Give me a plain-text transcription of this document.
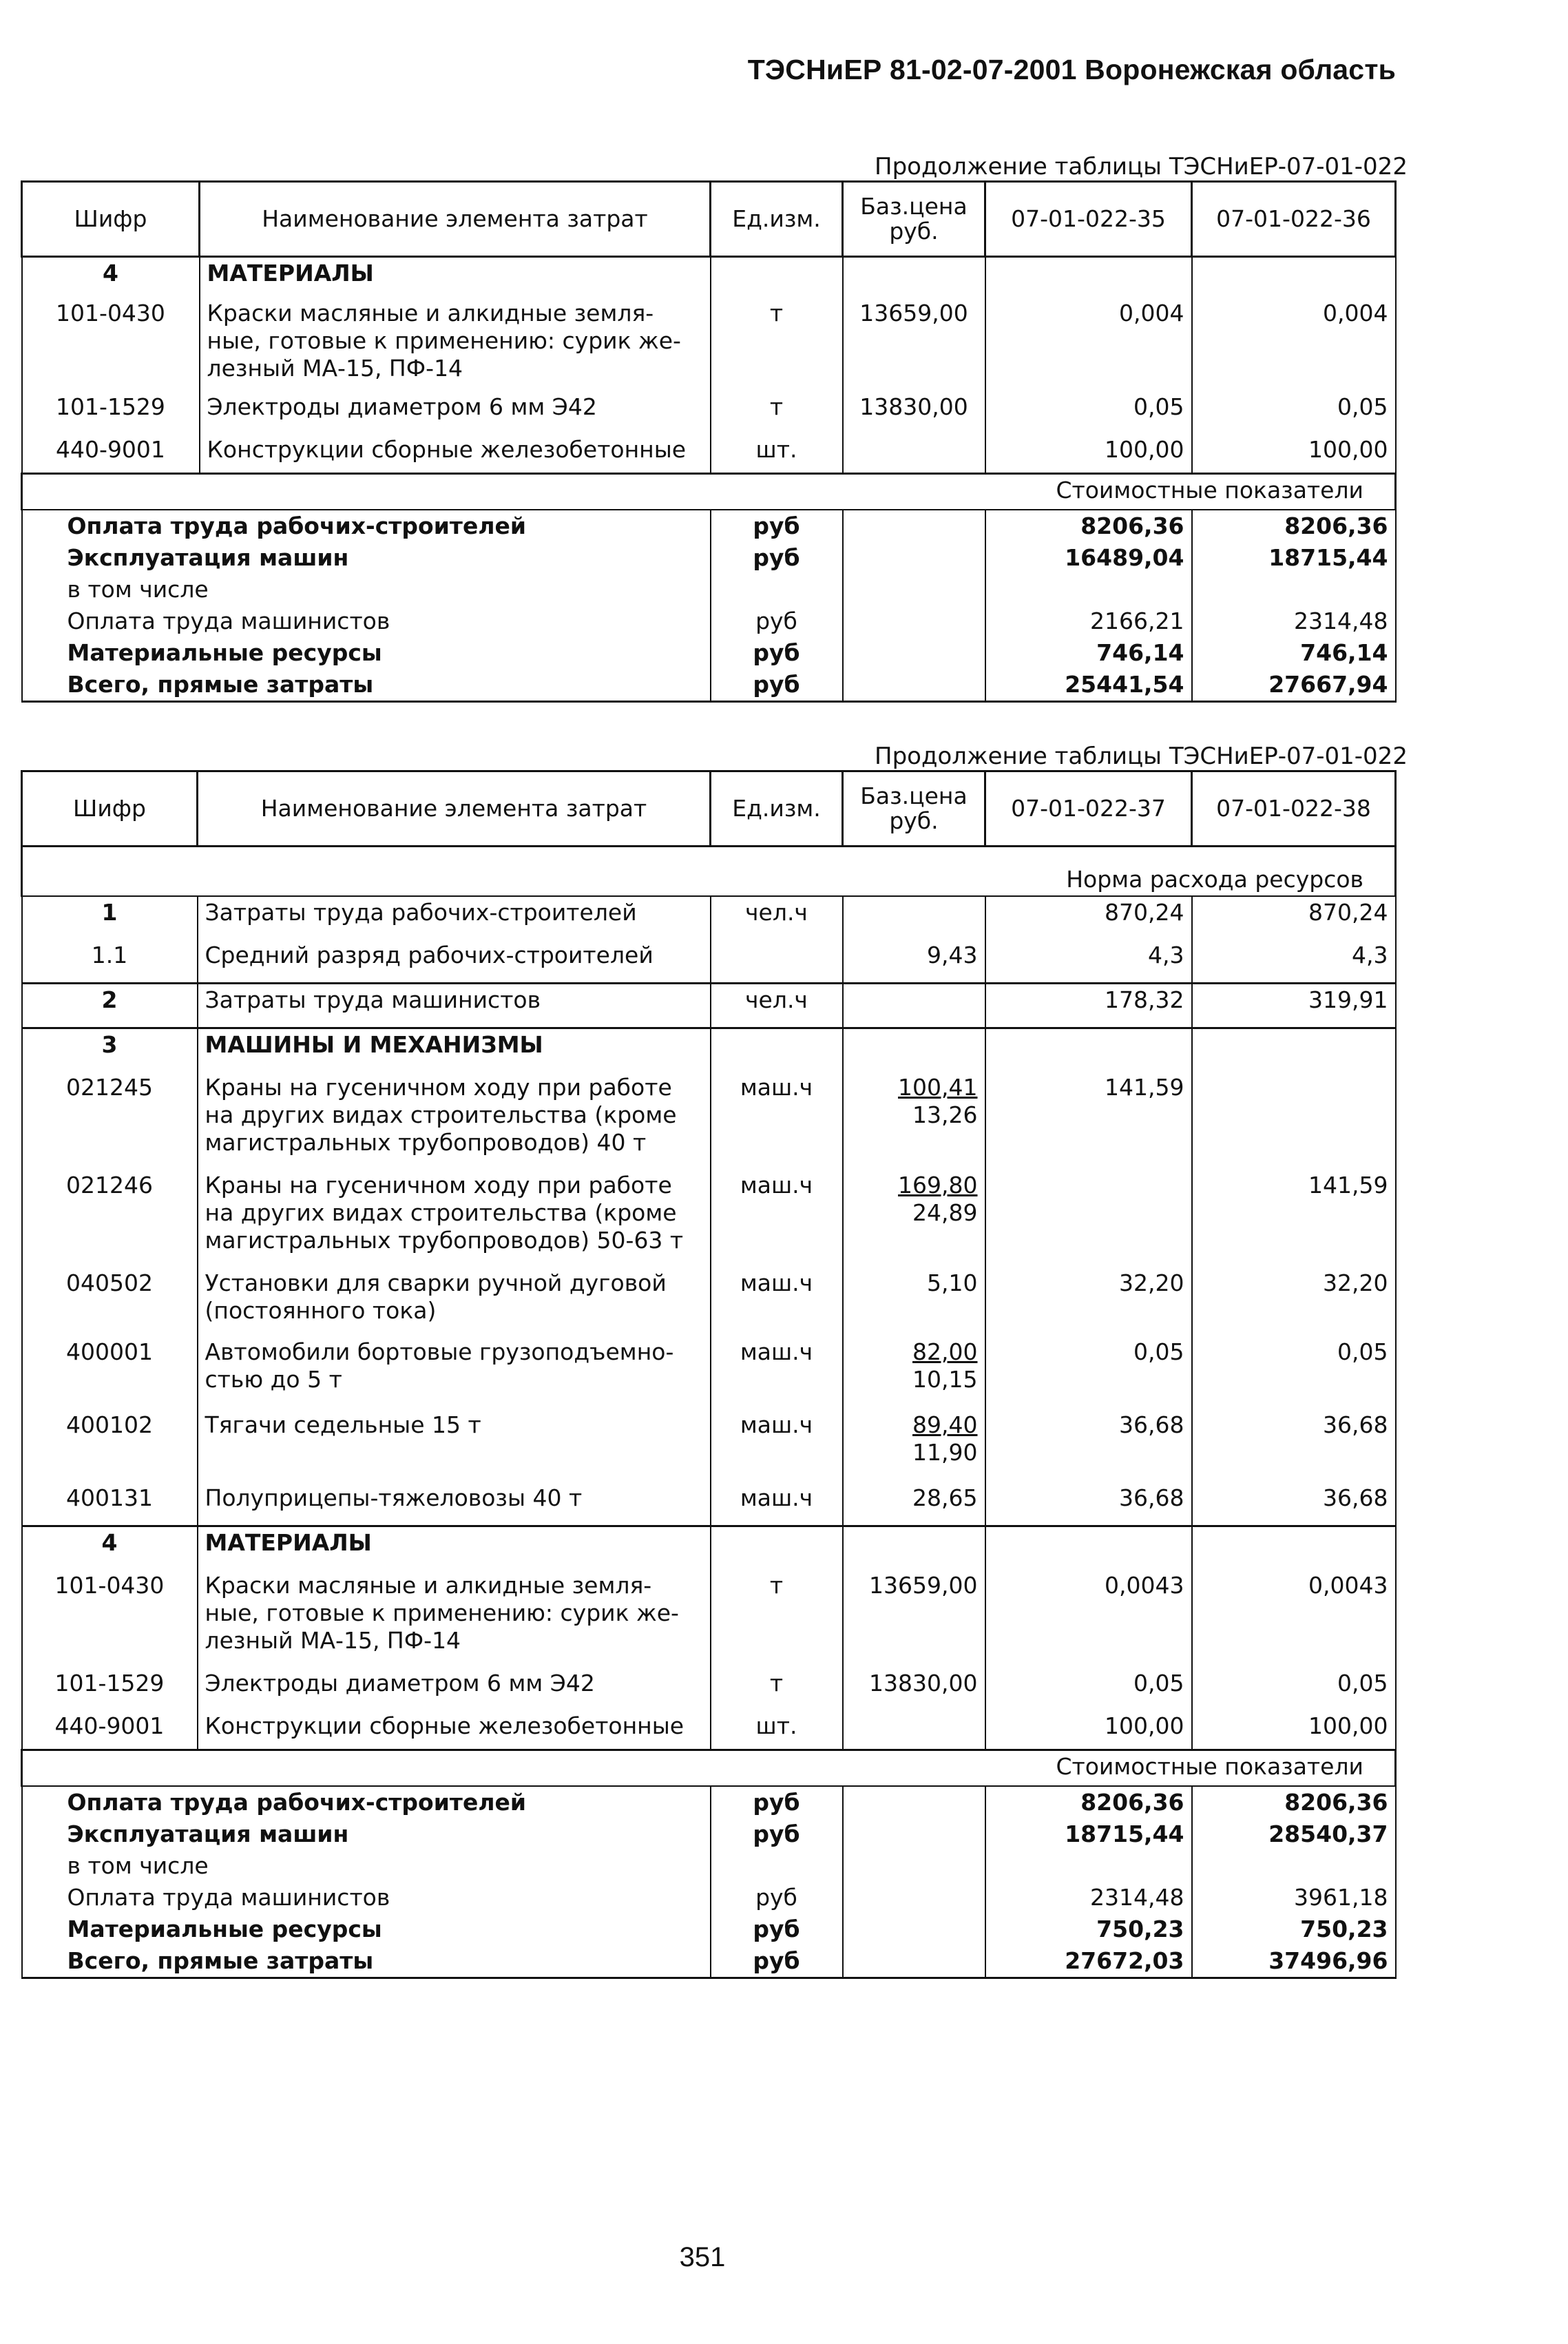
ТЭСНиЕР 81-02-07-2001 Воронежская область
Продолжение таблицы ТЭСНиЕР-07-01-022
Шифр	Наименование элемента затрат	Ед.изм.	Баз.цена руб.	07-01-022-35	07-01-022-36
4	МАТЕРИАЛЫ				
101-0430	Краски масляные и алкидные земля-ные, готовые к применению: сурик же-лезный МА-15, ПФ-14	т	13659,00	0,004	0,004
101-1529	Электроды диаметром 6 мм Э42	т	13830,00	0,05	0,05
440-9001	Конструкции сборные железобетонные	шт.		100,00	100,00
Стоимостные показатели					
Оплата труда рабочих-строителей		руб		8206,36	8206,36
Эксплуатация машин		руб		16489,04	18715,44
в том числе					
Оплата труда машинистов		руб		2166,21	2314,48
Материальные ресурсы		руб		746,14	746,14
Всего, прямые затраты		руб		25441,54	27667,94
Продолжение таблицы ТЭСНиЕР-07-01-022
Шифр	Наименование элемента затрат	Ед.изм.	Баз.цена руб.	07-01-022-37	07-01-022-38
Норма расхода ресурсов					
1	Затраты труда рабочих-строителей	чел.ч		870,24	870,24
1.1	Средний разряд рабочих-строителей		9,43	4,3	4,3
2	Затраты труда машинистов	чел.ч		178,32	319,91
3	МАШИНЫ И МЕХАНИЗМЫ				
021245	Краны на гусеничном ходу при работе на других видах строительства (кроме магистральных трубопроводов) 40 т	маш.ч	$\frac{100,41}{13,26}$	141,59	
021246	Краны на гусеничном ходу при работе на других видах строительства (кроме магистральных трубопроводов) 50-63 т	маш.ч	$\frac{169,80}{24,89}$		141,59
040502	Установки для сварки ручной дуговой (постоянного тока)	маш.ч	5,10	32,20	32,20
400001	Автомобили бортовые грузоподъемно-стью до 5 т	маш.ч	$\frac{82,00}{10,15}$	0,05	0,05
400102	Тягачи седельные 15 т	маш.ч	$\frac{89,40}{11,90}$	36,68	36,68
400131	Полуприцепы-тяжеловозы 40 т	маш.ч	28,65	36,68	36,68
4	МАТЕРИАЛЫ				
101-0430	Краски масляные и алкидные земля-ные, готовые к применению: сурик же-лезный МА-15, ПФ-14	т	13659,00	0,0043	0,0043
101-1529	Электроды диаметром 6 мм Э42	т	13830,00	0,05	0,05
440-9001	Конструкции сборные железобетонные	шт.		100,00	100,00
Стоимостные показатели					
Оплата труда рабочих-строителей		руб		8206,36	8206,36
Эксплуатация машин		руб		18715,44	28540,37
в том числе					
Оплата труда машинистов		руб		2314,48	3961,18
Материальные ресурсы		руб		750,23	750,23
Всего, прямые затраты		руб		27672,03	37496,96
351
